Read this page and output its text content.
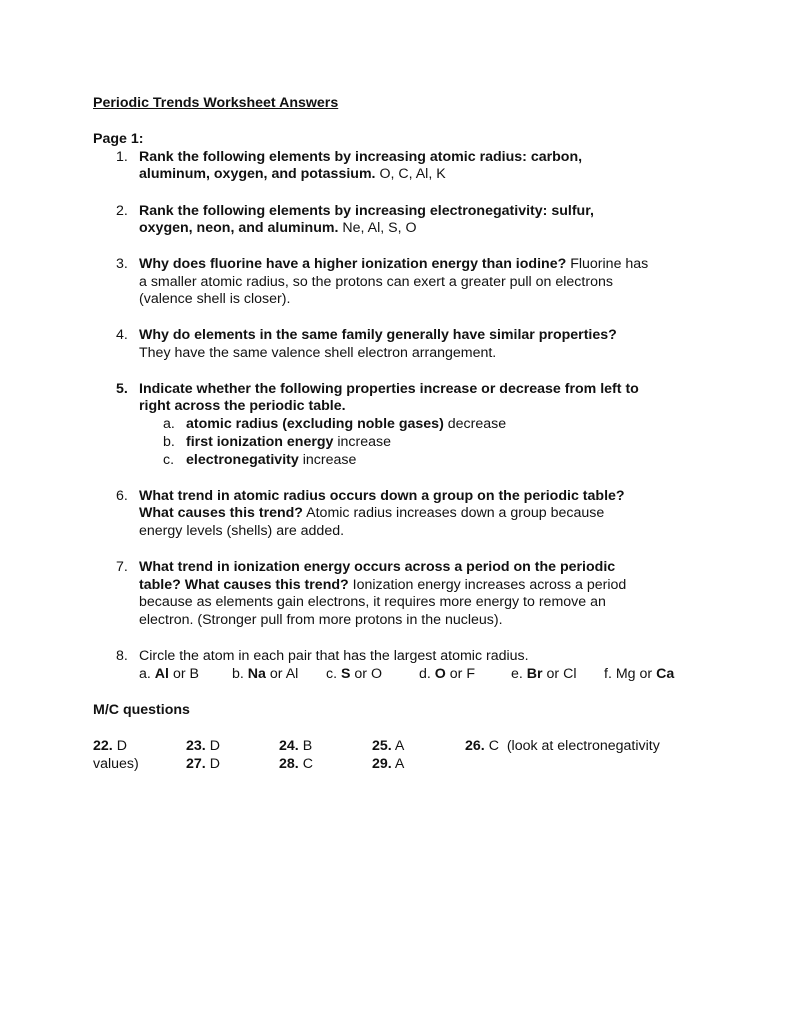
Periodic Trends Worksheet Answers
Page 1:
1. Rank the following elements by increasing atomic radius: carbon,
aluminum, oxygen, and potassium. O, C, Al, K
2. Rank the following elements by increasing electronegativity: sulfur,
oxygen, neon, and aluminum. Ne, Al, S, O
3. Why does fluorine have a higher ionization energy than iodine? Fluorine has
a smaller atomic radius, so the protons can exert a greater pull on electrons
(valence shell is closer).
4. Why do elements in the same family generally have similar properties?
They have the same valence shell electron arrangement.
5. Indicate whether the following properties increase or decrease from left to
right across the periodic table.
a. atomic radius (excluding noble gases) decrease
b. first ionization energy increase
c. electronegativity increase
6. What trend in atomic radius occurs down a group on the periodic table?
What causes this trend? Atomic radius increases down a group because
energy levels (shells) are added.
7. What trend in ionization energy occurs across a period on the periodic
table? What causes this trend? Ionization energy increases across a period
because as elements gain electrons, it requires more energy to remove an
electron. (Stronger pull from more protons in the nucleus).
8. Circle the atom in each pair that has the largest atomic radius.
a. Al or B b. Na or Al c. S or O	d. O or F	e. Br or Cl f. Mg or Ca
M/C questions
22. D	23. D	24. B	25. A	26. C  (look at electronegativity
values)	27. D	28. C	29. A
